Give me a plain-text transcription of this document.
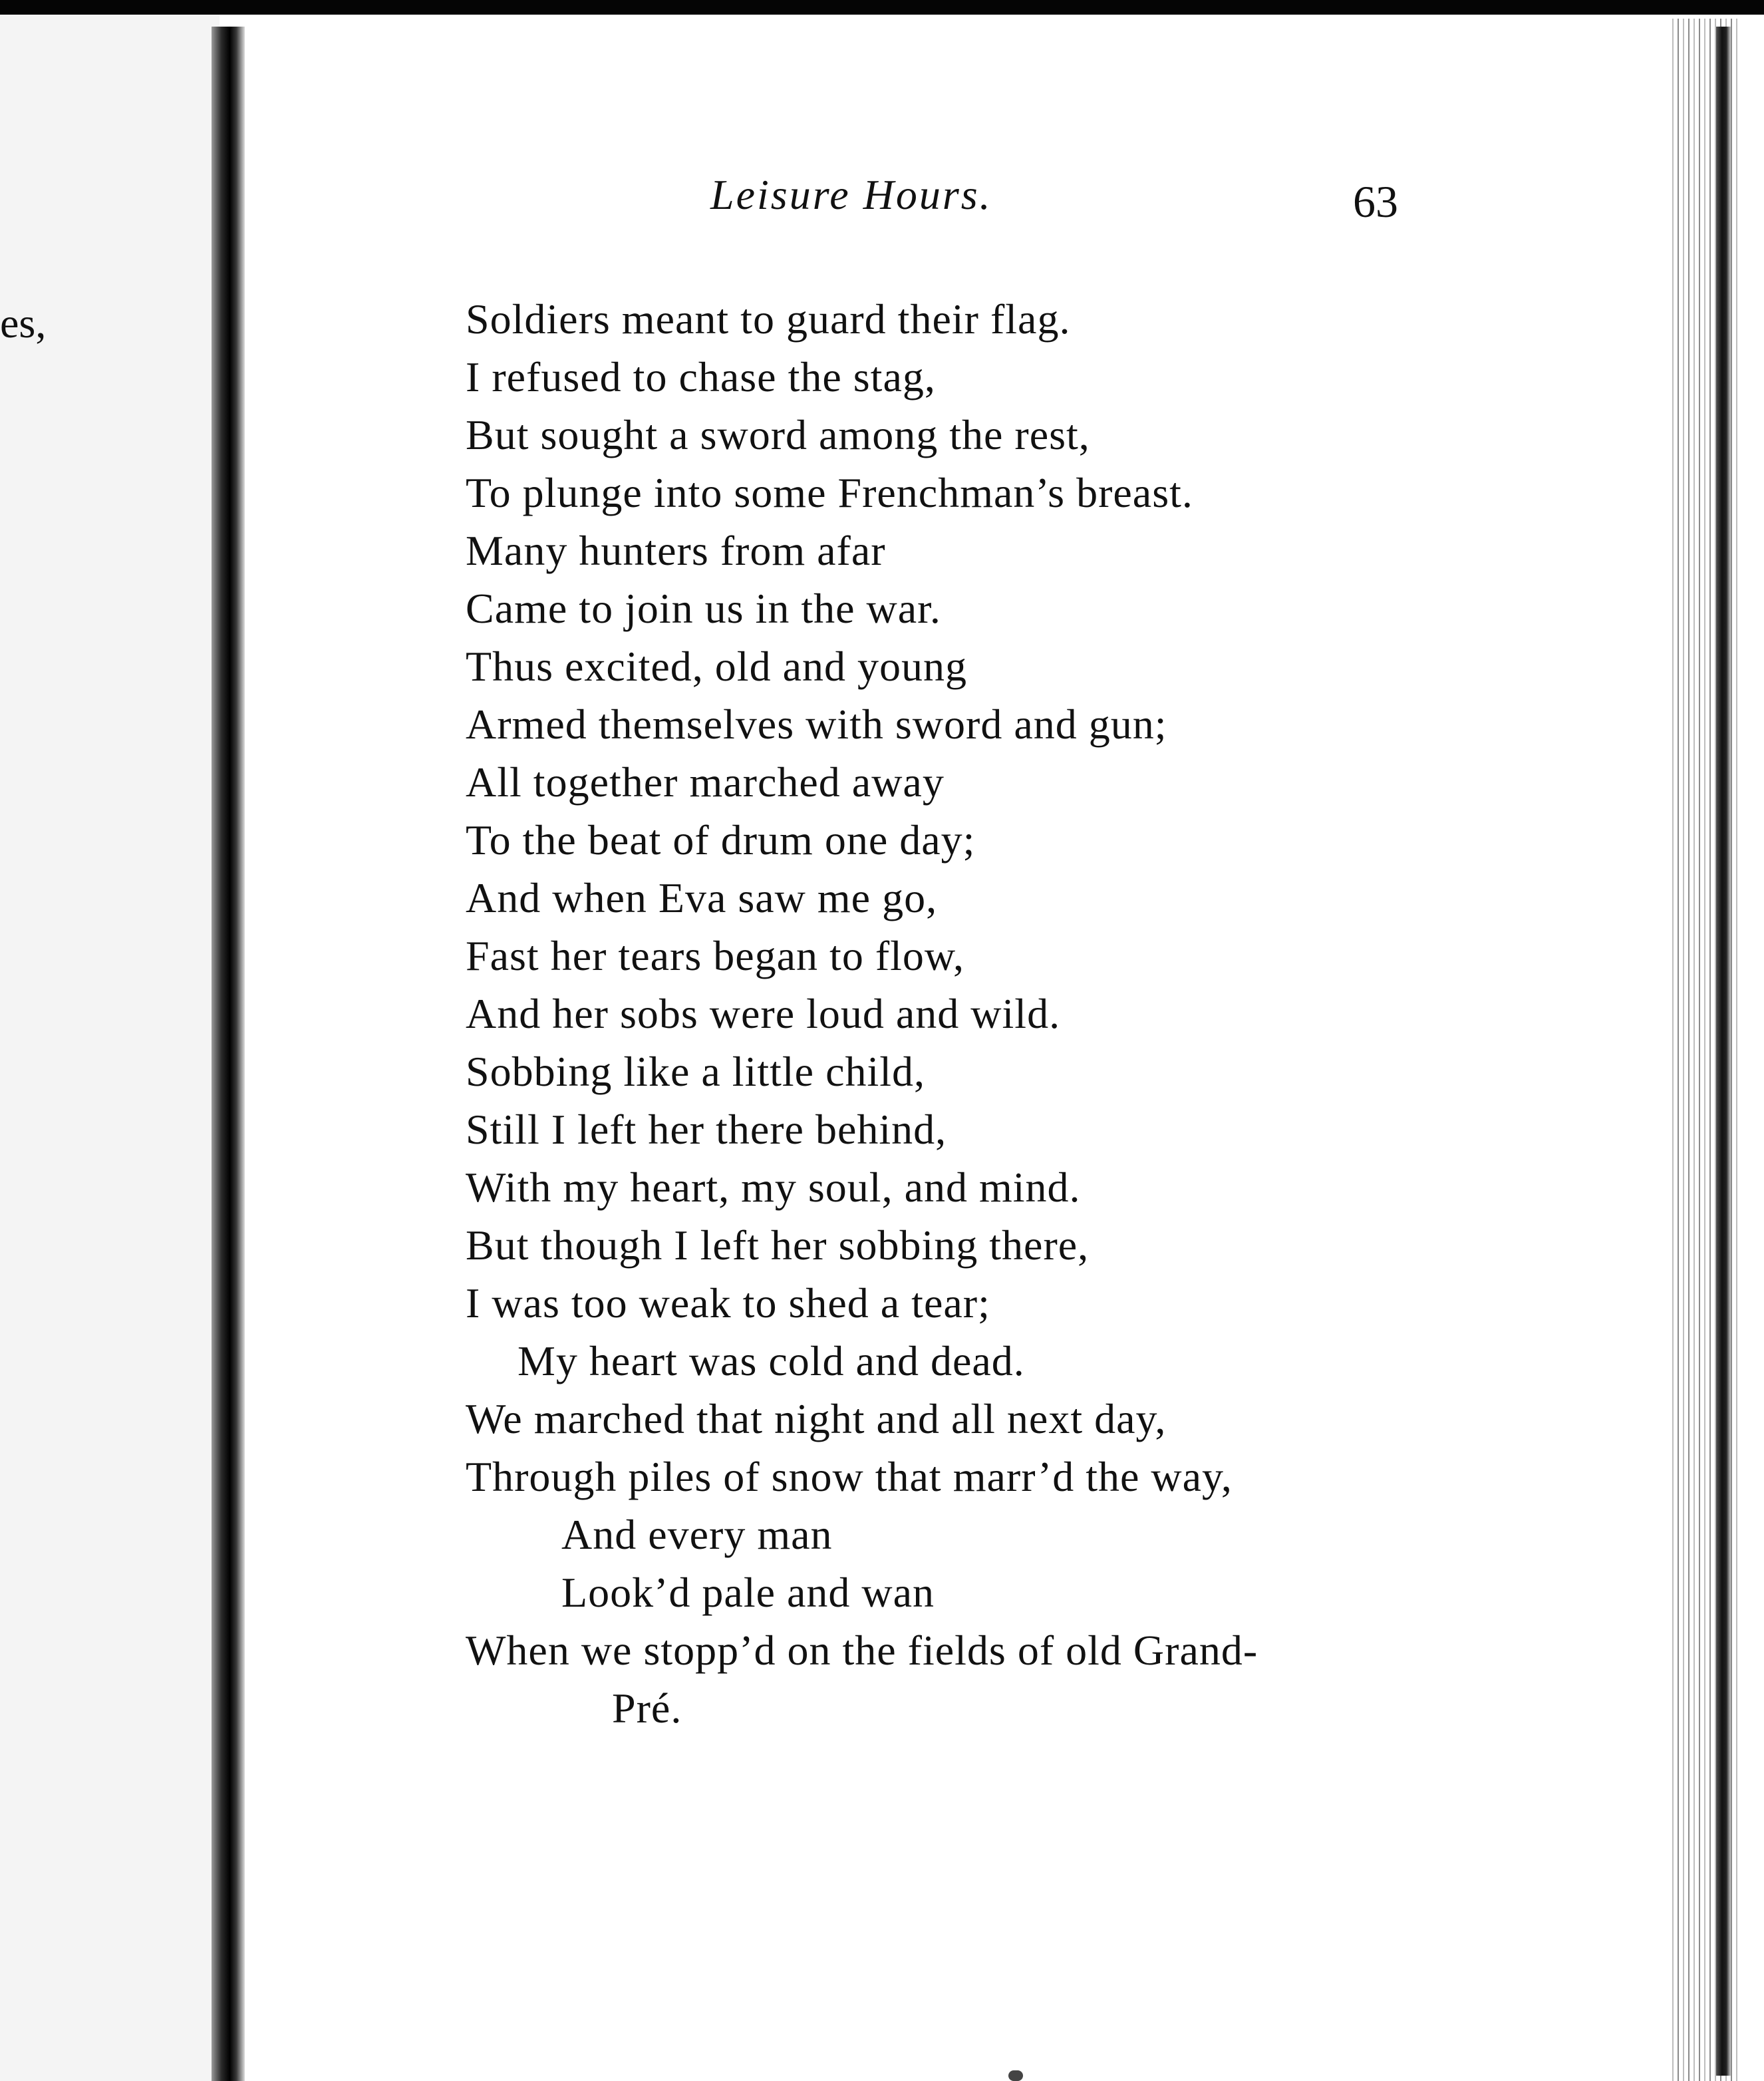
es,
Leisure Hours.	63
Soldiers meant to guard their flag.
I refused to chase the stag,
But sought a sword among the rest,
To plunge into some Frenchman’s breast.
Many hunters from afar
Came to join us in the war.
Thus excited, old and young
Armed themselves with sword and gun;
All together marched away
To the beat of drum one day;
And when Eva saw me go,
Fast her tears began to flow,
And her sobs were loud and wild.
Sobbing like a little child,
Still I left her there behind,
With my heart, my soul, and mind.
But though I left her sobbing there,
I was too weak to shed a tear;
My heart was cold and dead.
We marched that night and all next day,
Through piles of snow that marr’d the way,
And every man
Look’d pale and wan
When we stopp’d on the fields of old Grand-
Pré.
